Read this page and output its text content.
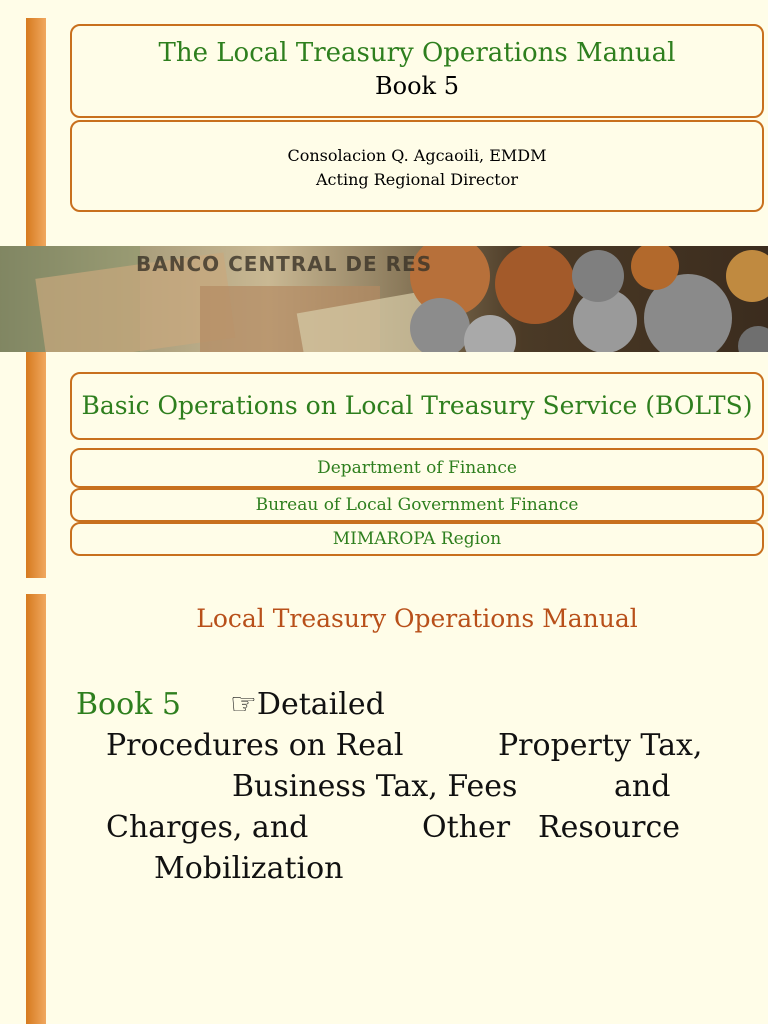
The Local Treasury Operations Manual
Book 5
Consolacion Q. Agcaoili, EMDM
Acting Regional Director
BANCO CENTRAL DE RES
Basic Operations on Local Treasury Service (BOLTS)
Department of Finance
Bureau of Local Government Finance
MIMAROPA Region
Local Treasury Operations Manual
Book 5 ☞Detailed
Procedures on Real	Property Tax,
Business Tax, Fees	and
Charges, and	Other Resource
Mobilization
